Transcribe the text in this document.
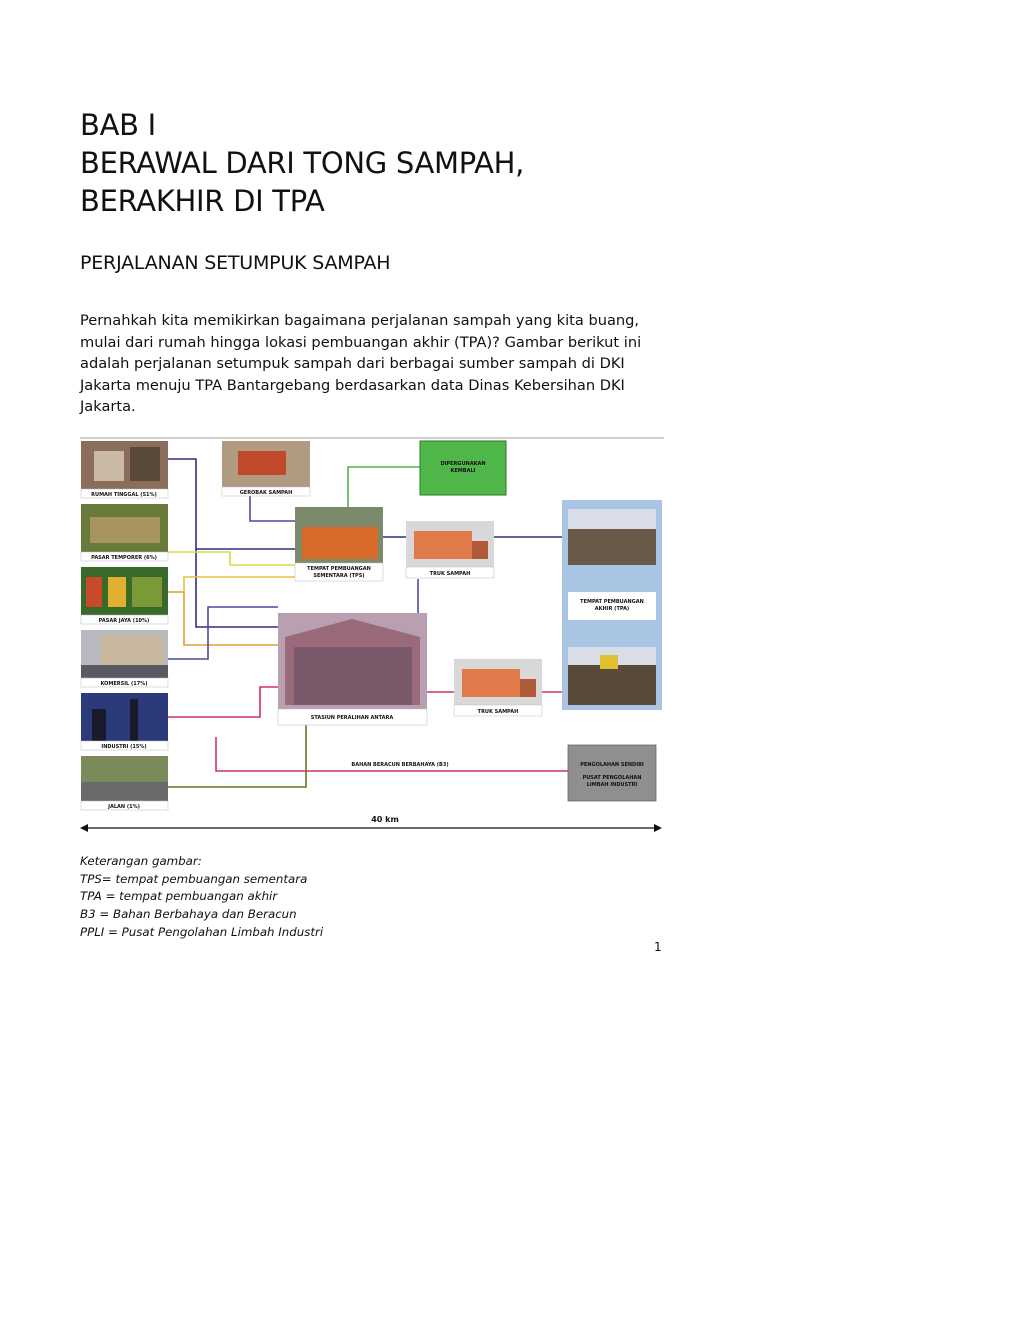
BAB I
BERAWAL DARI TONG SAMPAH,
BERAKHIR DI TPA
PERJALANAN SETUMPUK SAMPAH

Pernahkah kita memikirkan bagaimana perjalanan sampah yang kita buang, mulai dari rumah hingga lokasi pembuangan akhir (TPA)? Gambar berikut ini adalah perjalanan setumpuk sampah dari berbagai sumber sampah di DKI Jakarta menuju TPA Bantargebang berdasarkan data Dinas Kebersihan DKI Jakarta.

RUMAH TINGGAL (51%)
PASAR TEMPORER (6%)
PASAR JAYA (10%)
KOMERSIL (17%)
INDUSTRI (15%)
JALAN (1%)
GEROBAK SAMPAH
DIPERGUNAKAN
KEMBALI
TEMPAT PEMBUANGAN
SEMENTARA (TPS)	TRUK SAMPAH
STASIUN PERALIHAN ANTARA
TRUK SAMPAH
TEMPAT PEMBUANGAN
AKHIR (TPA)
PENGOLAHAN SENDIRI
PUSAT PENGOLAHAN
LIMBAH INDUSTRI
BAHAN BERACUN BERBAHAYA (B3)
40 km
Keterangan gambar:
TPS= tempat pembuangan sementara
TPA = tempat pembuangan akhir
B3 = Bahan Berbahaya dan Beracun
PPLI = Pusat Pengolahan Limbah Industri
1
